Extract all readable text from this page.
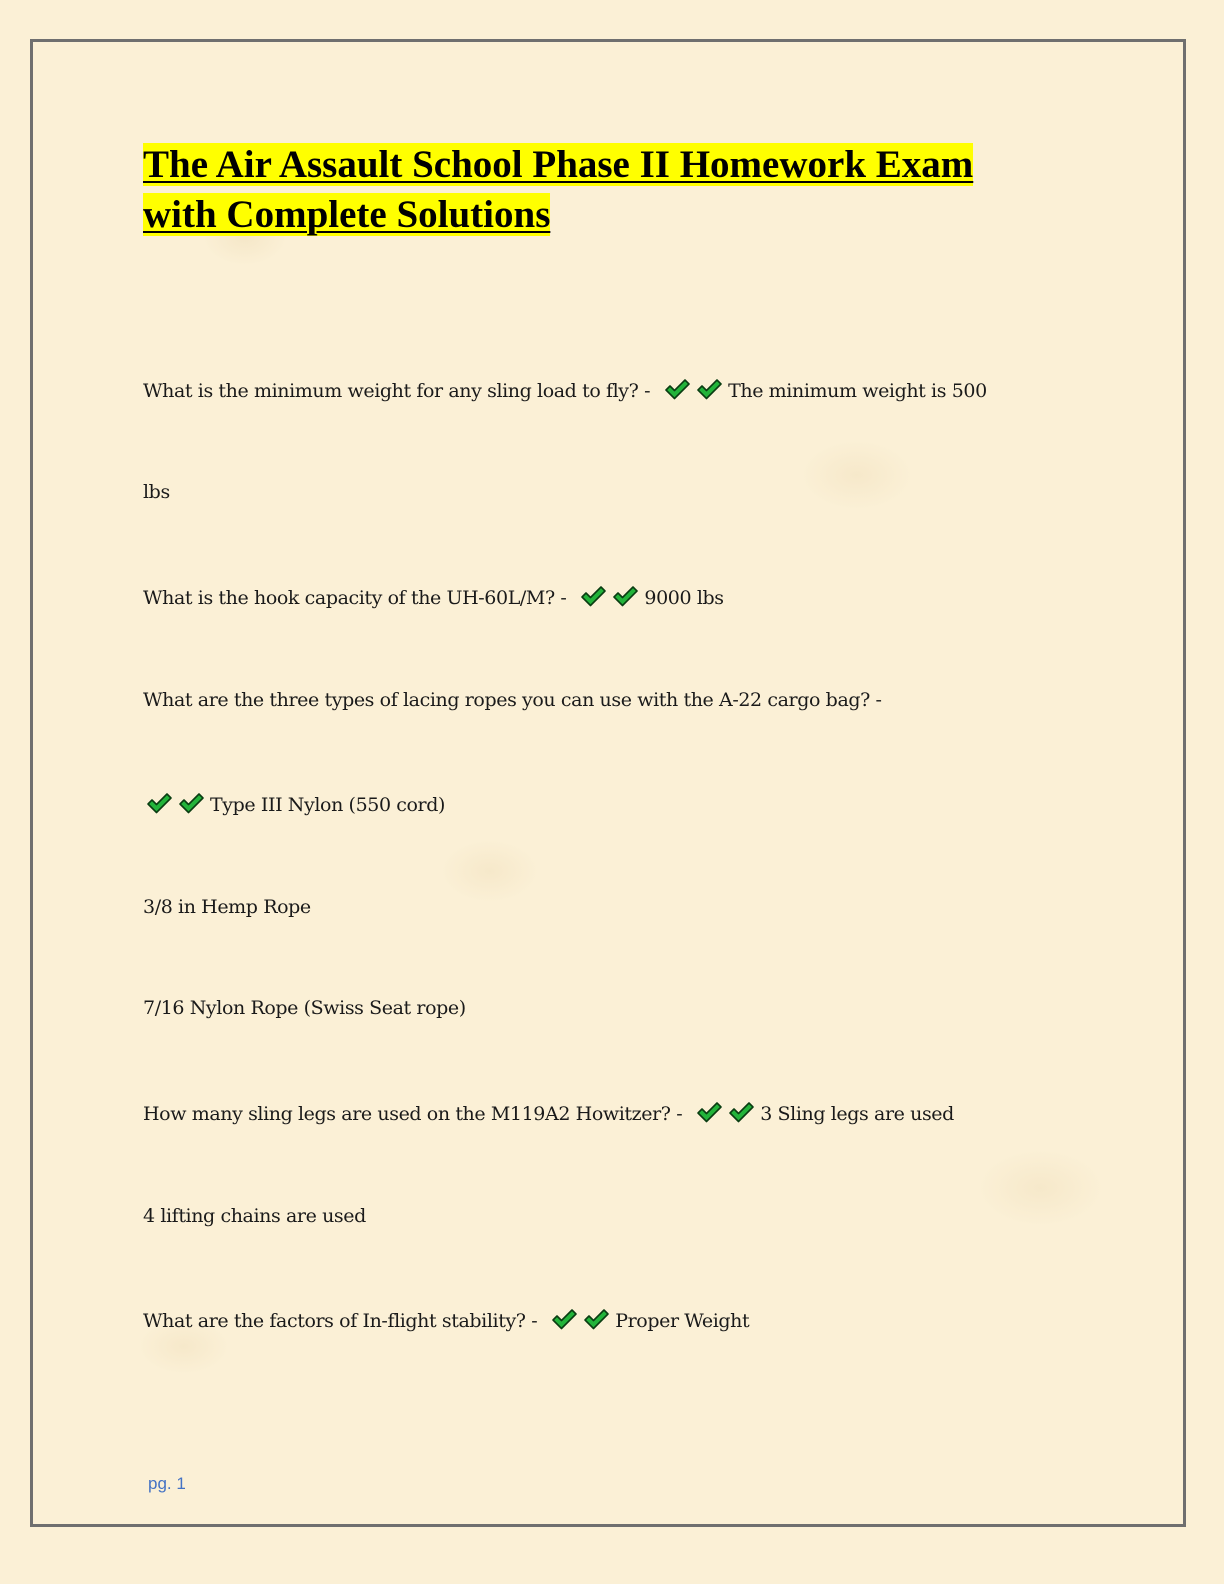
The Air Assault School Phase II Homework Exam
with Complete Solutions
What is the minimum weight for any sling load to fly? -	The minimum weight is 500
lbs
What is the hook capacity of the UH-60L/M? -	9000 lbs
What are the three types of lacing ropes you can use with the A-22 cargo bag? -
Type III Nylon (550 cord)
3/8 in Hemp Rope
7/16 Nylon Rope (Swiss Seat rope)
How many sling legs are used on the M119A2 Howitzer? -	3 Sling legs are used
4 lifting chains are used
What are the factors of In-flight stability? -	Proper Weight
pg. 1
